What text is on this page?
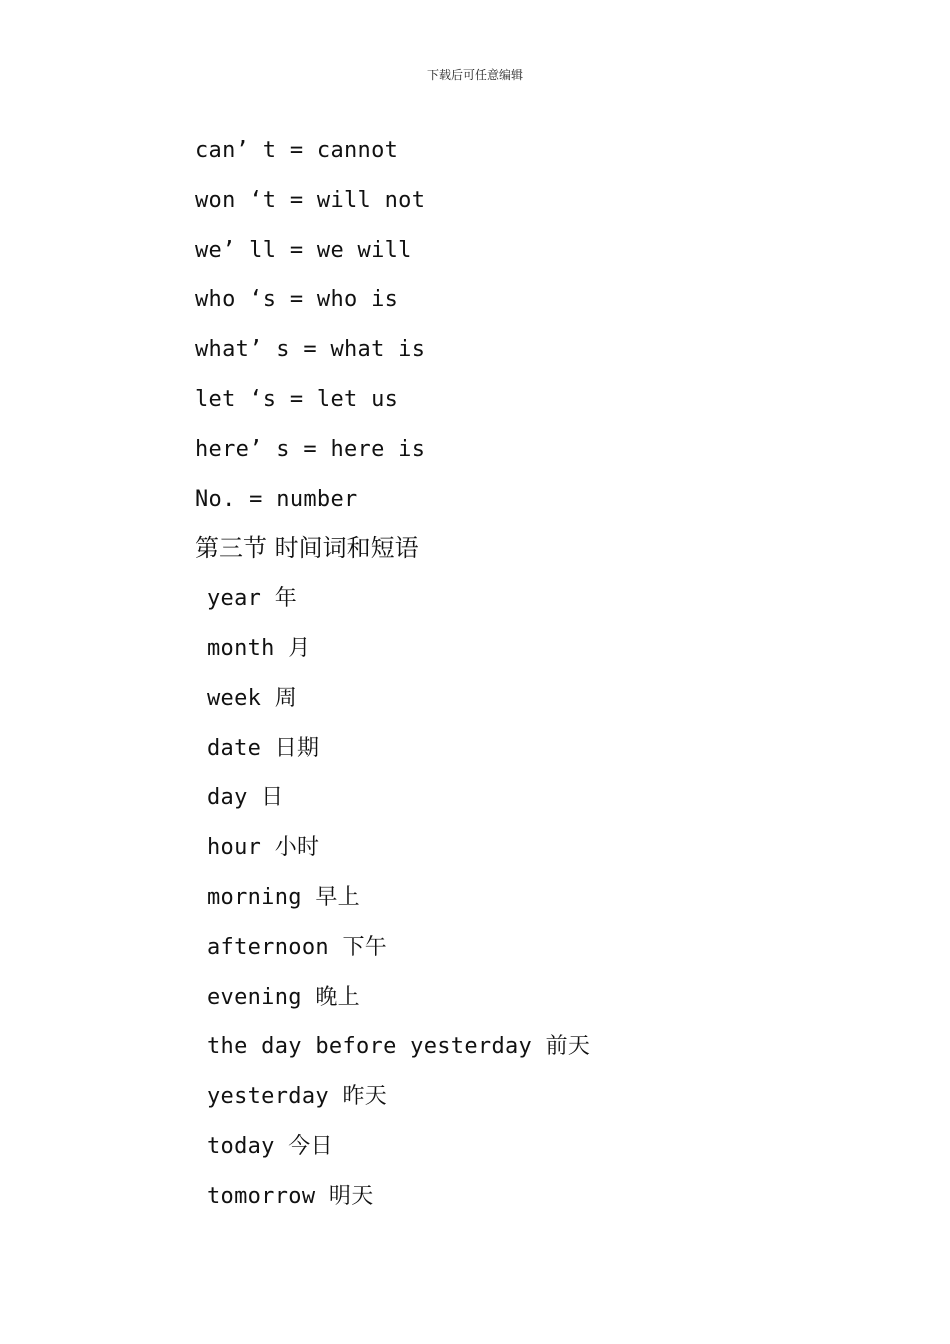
下载后可任意编辑
can’ t = cannot
won ‘t = will not
we’ ll = we will
who ‘s = who is
what’ s = what is
let ‘s = let us
here’ s = here is
No. = number
第三节 时间词和短语
year 年
month 月
week 周
date 日期
day 日
hour 小时
morning 早上
afternoon 下午
evening 晚上
the day before yesterday 前天
yesterday 昨天
today 今日
tomorrow 明天
